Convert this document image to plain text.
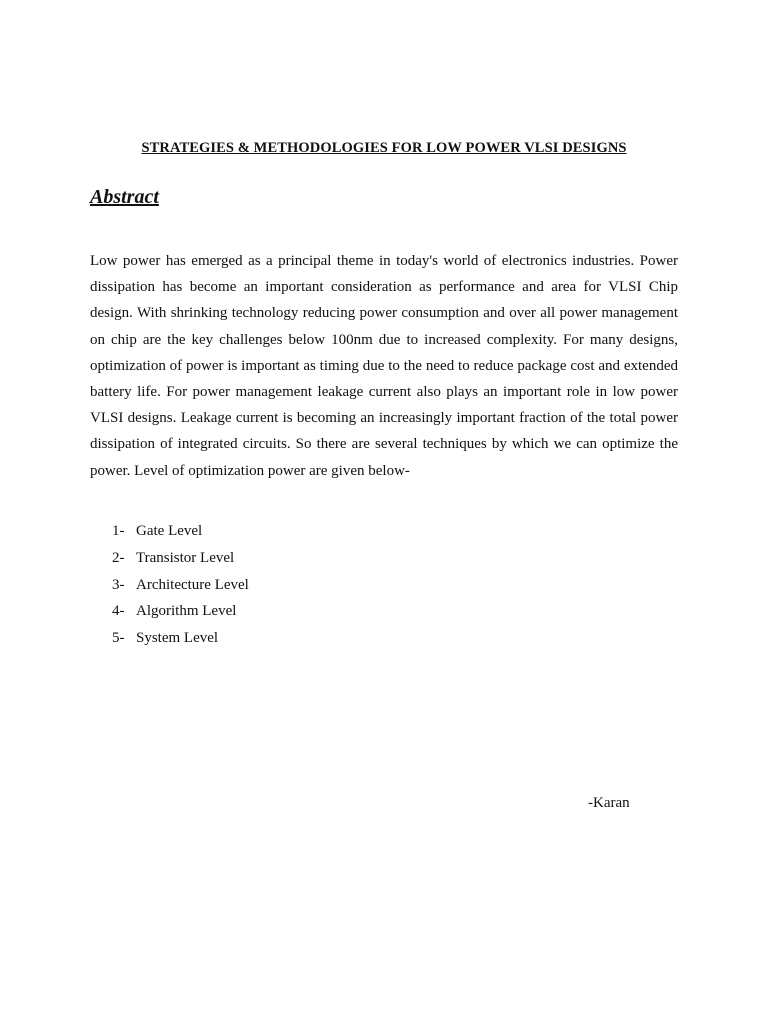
STRATEGIES & METHODOLOGIES FOR LOW POWER VLSI DESIGNS
Abstract

Low power has emerged as a principal theme in today's world of electronics industries. Power dissipation has become an important consideration as performance and area for VLSI Chip design. With shrinking technology reducing power consumption and over all power management on chip are the key challenges below 100nm due to increased complexity. For many designs, optimization of power is important as timing due to the need to reduce package cost and extended battery life. For power management leakage current also plays an important role in low power VLSI designs. Leakage current is becoming an increasingly important fraction of the total power dissipation of integrated circuits. So there are several techniques by which we can optimize the power. Level of optimization power are given below-

1- Gate Level
2- Transistor Level
3- Architecture Level
4- Algorithm Level
5- System Level
-Karan
